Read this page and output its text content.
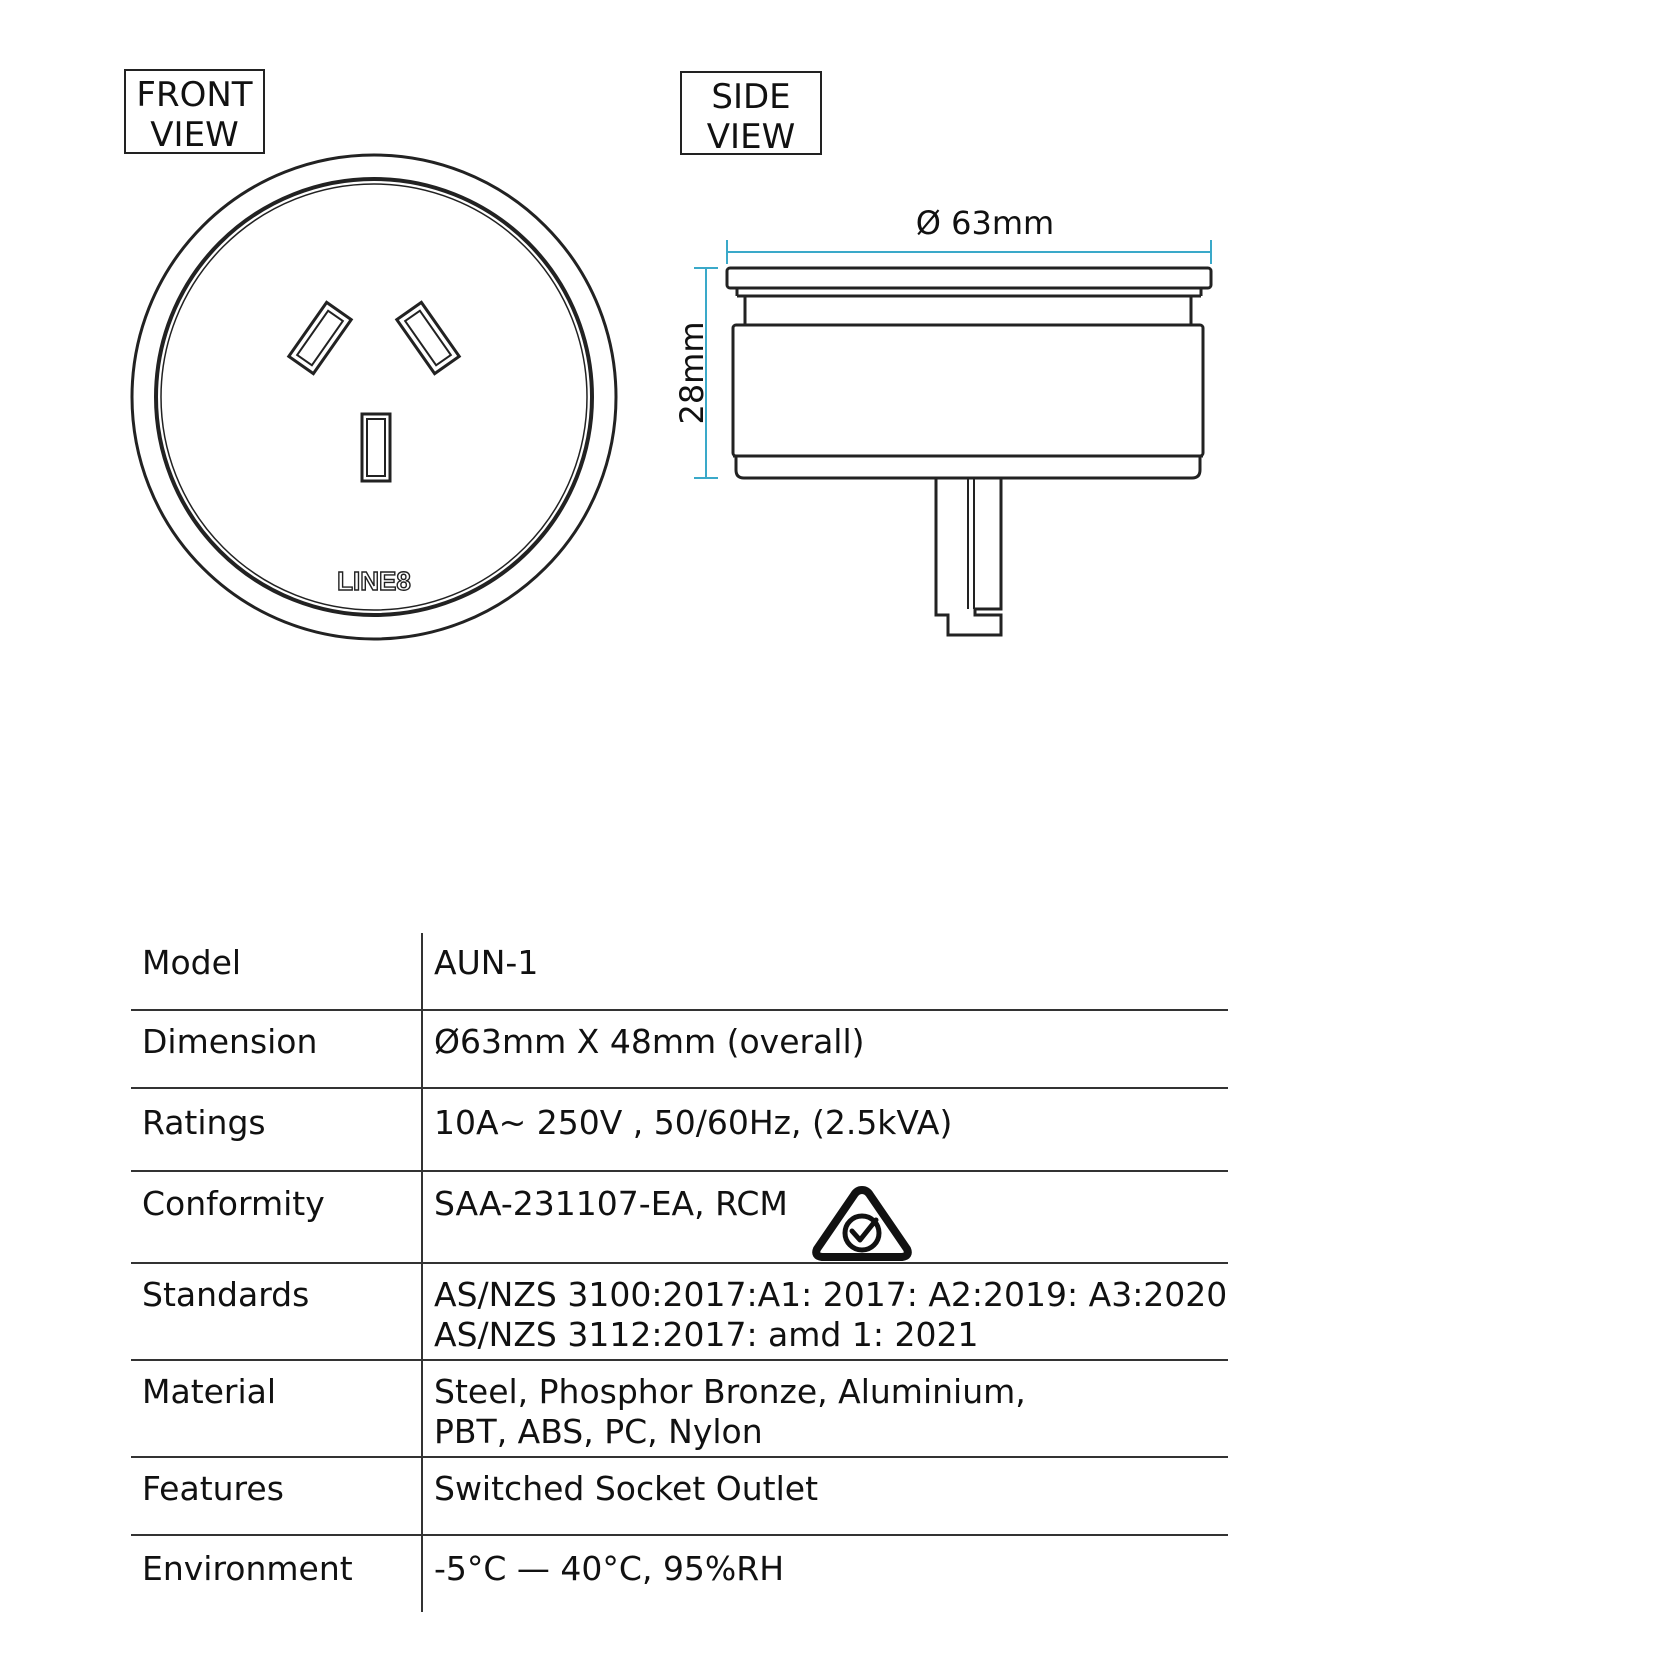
LINE8
Ø 63mm
28mm
FRONT
VIEW
SIDE
VIEW
Model	AUN-1

Dimension	Ø63mm X 48mm (overall)

Ratings	10A~ 250V , 50/60Hz, (2.5kVA)

Conformity	SAA-231107-EA, RCM

Standards	AS/NZS 3100:2017:A1: 2017: A2:2019: A3:2020
AS/NZS 3112:2017: amd 1: 2021

Material	Steel, Phosphor Bronze, Aluminium,
PBT, ABS, PC, Nylon

Features	Switched Socket Outlet

Environment	-5°C — 40°C, 95%RH
